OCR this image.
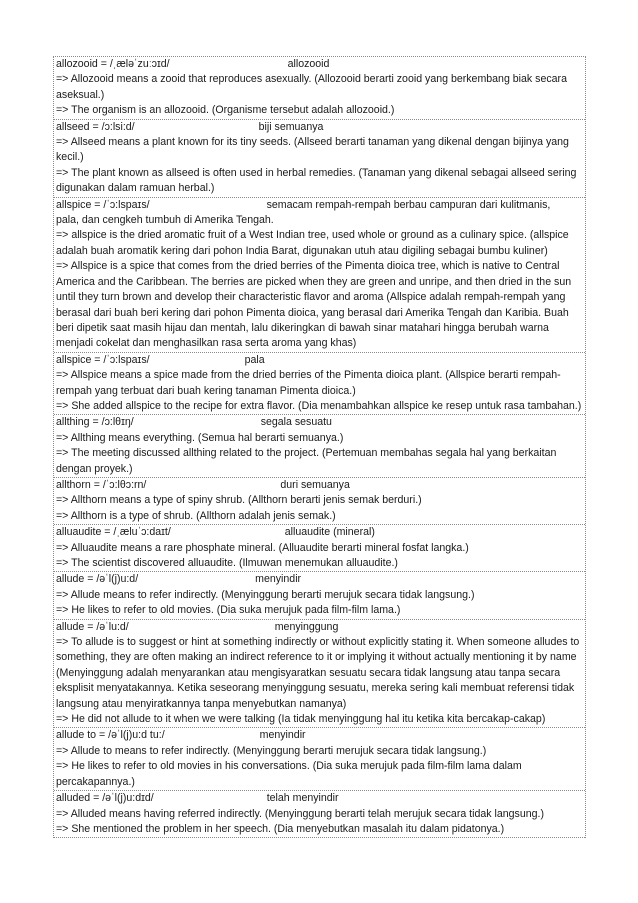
allozooid = /ˌæləˈzuːɔɪd/	allozooid
=> Allozooid means a zooid that reproduces asexually. (Allozooid berarti zooid yang berkembang biak secara aseksual.)
=> The organism is an allozooid. (Organisme tersebut adalah allozooid.)
allseed = /ɔ:lsi:d/	biji semuanya
=> Allseed means a plant known for its tiny seeds. (Allseed berarti tanaman yang dikenal dengan bijinya yang kecil.)
=> The plant known as allseed is often used in herbal remedies. (Tanaman yang dikenal sebagai allseed sering digunakan dalam ramuan herbal.)
allspice = /ˈɔ:lspaɪs/	semacam rempah-rempah berbau campuran dari kulitmanis,
pala, dan cengkeh tumbuh di Amerika Tengah.
=> allspice is the dried aromatic fruit of a West Indian tree, used whole or ground as a culinary spice. (allspice adalah buah aromatik kering dari pohon India Barat, digunakan utuh atau digiling sebagai bumbu kuliner)
=> Allspice is a spice that comes from the dried berries of the Pimenta dioica tree, which is native to Central America and the Caribbean. The berries are picked when they are green and unripe, and then dried in the sun until they turn brown and develop their characteristic flavor and aroma (Allspice adalah rempah-rempah yang berasal dari buah beri kering dari pohon Pimenta dioica, yang berasal dari Amerika Tengah dan Karibia. Buah beri dipetik saat masih hijau dan mentah, lalu dikeringkan di bawah sinar matahari hingga berubah warna menjadi cokelat dan menghasilkan rasa serta aroma yang khas)
allspice = /ˈɔ:lspaɪs/	pala
=> Allspice means a spice made from the dried berries of the Pimenta dioica plant. (Allspice berarti rempah-rempah yang terbuat dari buah kering tanaman Pimenta dioica.)
=> She added allspice to the recipe for extra flavor. (Dia menambahkan allspice ke resep untuk rasa tambahan.)
allthing = /ɔ:lθɪŋ/	segala sesuatu
=> Allthing means everything. (Semua hal berarti semuanya.)
=> The meeting discussed allthing related to the project. (Pertemuan membahas segala hal yang berkaitan dengan proyek.)
allthorn = /ˈɔ:lθɔ:rn/	duri semuanya
=> Allthorn means a type of spiny shrub. (Allthorn berarti jenis semak berduri.)
=> Allthorn is a type of shrub. (Allthorn adalah jenis semak.)
alluaudite = /ˌæluˈɔ:daɪt/	alluaudite (mineral)
=> Alluaudite means a rare phosphate mineral. (Alluaudite berarti mineral fosfat langka.)
=> The scientist discovered alluaudite. (Ilmuwan menemukan alluaudite.)
allude = /əˈl(j)u:d/	menyindir
=> Allude means to refer indirectly. (Menyinggung berarti merujuk secara tidak langsung.)
=> He likes to refer to old movies. (Dia suka merujuk pada film-film lama.)
allude = /əˈlu:d/	menyinggung
=> To allude is to suggest or hint at something indirectly or without explicitly stating it. When someone alludes to something, they are often making an indirect reference to it or implying it without actually mentioning it by name (Menyinggung adalah menyarankan atau mengisyaratkan sesuatu secara tidak langsung atau tanpa secara eksplisit menyatakannya. Ketika seseorang menyinggung sesuatu, mereka sering kali membuat referensi tidak langsung atau menyiratkannya tanpa menyebutkan namanya)
=> He did not allude to it when we were talking (Ia tidak menyinggung hal itu ketika kita bercakap-cakap)
allude to = /əˈl(j)u:d tu:/	menyindir
=> Allude to means to refer indirectly. (Menyinggung berarti merujuk secara tidak langsung.)
=> He likes to refer to old movies in his conversations. (Dia suka merujuk pada film-film lama dalam percakapannya.)
alluded = /əˈl(j)u:dɪd/	telah menyindir
=> Alluded means having referred indirectly. (Menyinggung berarti telah merujuk secara tidak langsung.)
=> She mentioned the problem in her speech. (Dia menyebutkan masalah itu dalam pidatonya.)
